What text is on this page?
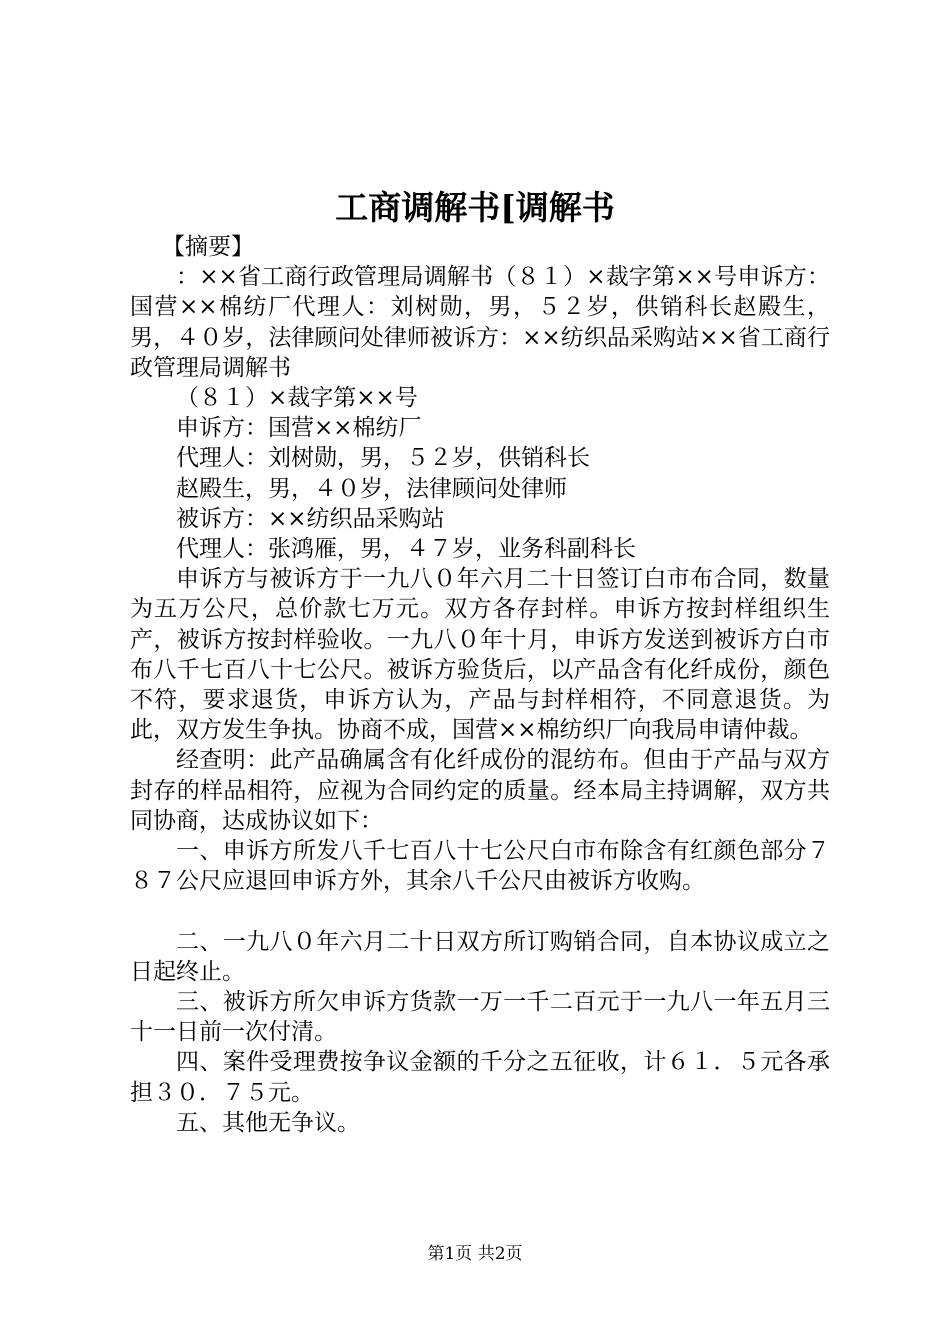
工商调解书[调解书

【摘要】

：××省工商行政管理局调解书（８１）×裁字第××号申诉方：国营××棉纺厂代理人：刘树勋，男，５２岁，供销科长赵殿生，男，４０岁，法律顾问处律师被诉方：××纺织品采购站××省工商行政管理局调解书

（８１）×裁字第××号

申诉方：国营××棉纺厂

代理人：刘树勋，男，５２岁，供销科长

赵殿生，男，４０岁，法律顾问处律师

被诉方：××纺织品采购站

代理人：张鸿雁，男，４７岁，业务科副科长

申诉方与被诉方于一九八０年六月二十日签订白市布合同，数量为五万公尺，总价款七万元。双方各存封样。申诉方按封样组织生产，被诉方按封样验收。一九八０年十月，申诉方发送到被诉方白市布八千七百八十七公尺。被诉方验货后，以产品含有化纤成份，颜色不符，要求退货，申诉方认为，产品与封样相符，不同意退货。为此，双方发生争执。协商不成，国营××棉纺织厂向我局申请仲裁。

经查明：此产品确属含有化纤成份的混纺布。但由于产品与双方封存的样品相符，应视为合同约定的质量。经本局主持调解，双方共同协商，达成协议如下：

一、申诉方所发八千七百八十七公尺白市布除含有红颜色部分７８７公尺应退回申诉方外，其余八千公尺由被诉方收购。

二、一九八０年六月二十日双方所订购销合同，自本协议成立之日起终止。

三、被诉方所欠申诉方货款一万一千二百元于一九八一年五月三十一日前一次付清。

四、案件受理费按争议金额的千分之五征收，计６１．５元各承担３０．７５元。

五、其他无争议。

第1页 共2页
